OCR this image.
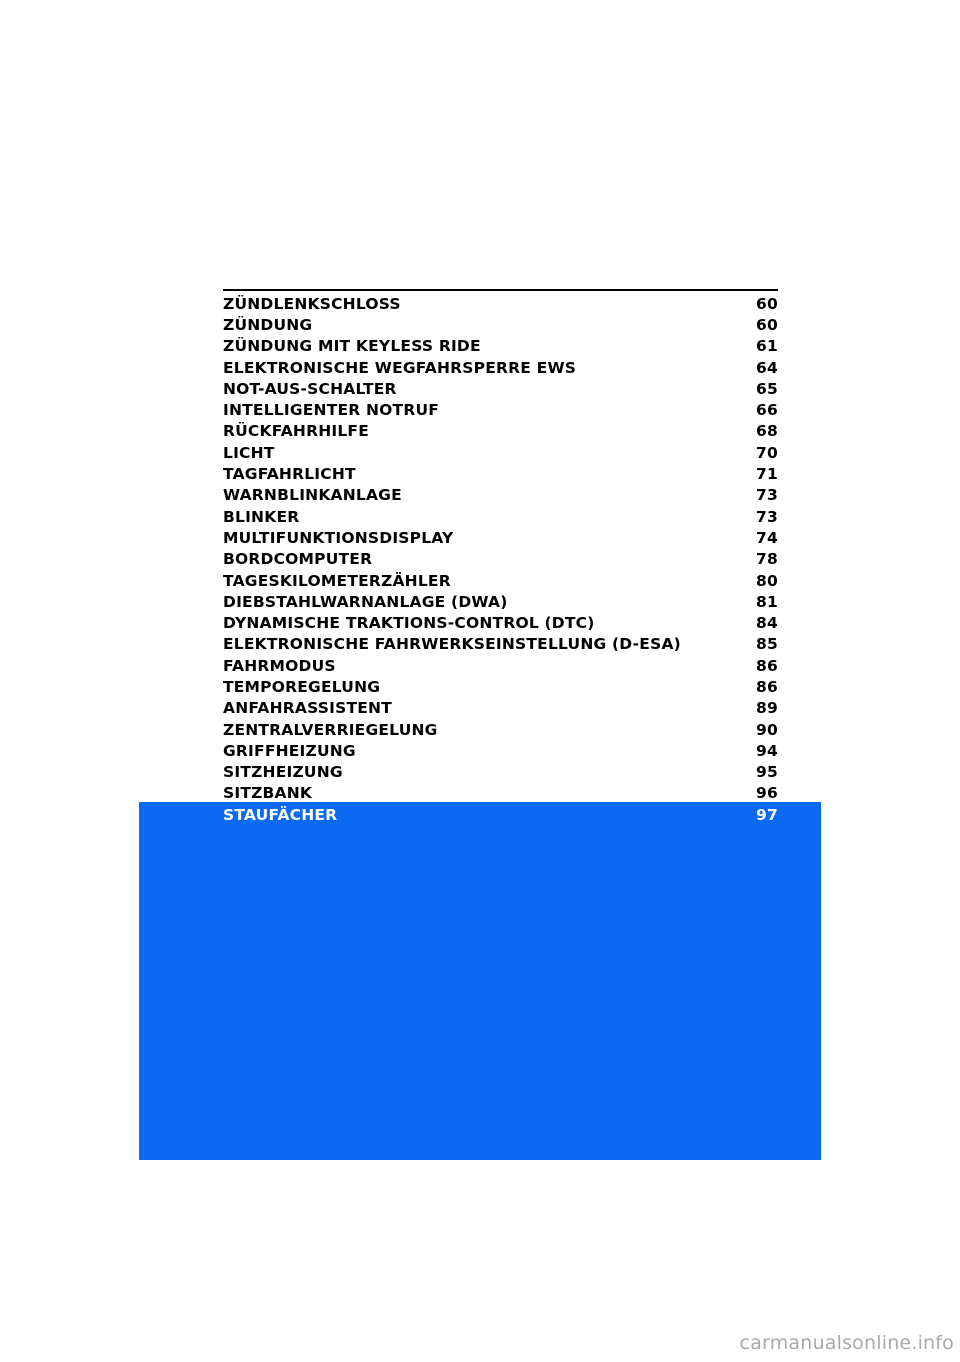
ZÜNDLENKSCHLOSS	60
ZÜNDUNG	60
ZÜNDUNG MIT KEYLESS RIDE	61
ELEKTRONISCHE WEGFAHRSPERRE EWS	64
NOT-AUS-SCHALTER	65
INTELLIGENTER NOTRUF	66
RÜCKFAHRHILFE	68
LICHT	70
TAGFAHRLICHT	71
WARNBLINKANLAGE	73
BLINKER	73
MULTIFUNKTIONSDISPLAY	74
BORDCOMPUTER	78
TAGESKILOMETERZÄHLER	80
DIEBSTAHLWARNANLAGE (DWA)	81
DYNAMISCHE TRAKTIONS-CONTROL (DTC)	84
ELEKTRONISCHE FAHRWERKSEINSTELLUNG (D-ESA)	85
FAHRMODUS	86
TEMPOREGELUNG	86
ANFAHRASSISTENT	89
ZENTRALVERRIEGELUNG	90
GRIFFHEIZUNG	94
SITZHEIZUNG	95
SITZBANK	96
STAUFÄCHER	97
carmanualsonline.info
